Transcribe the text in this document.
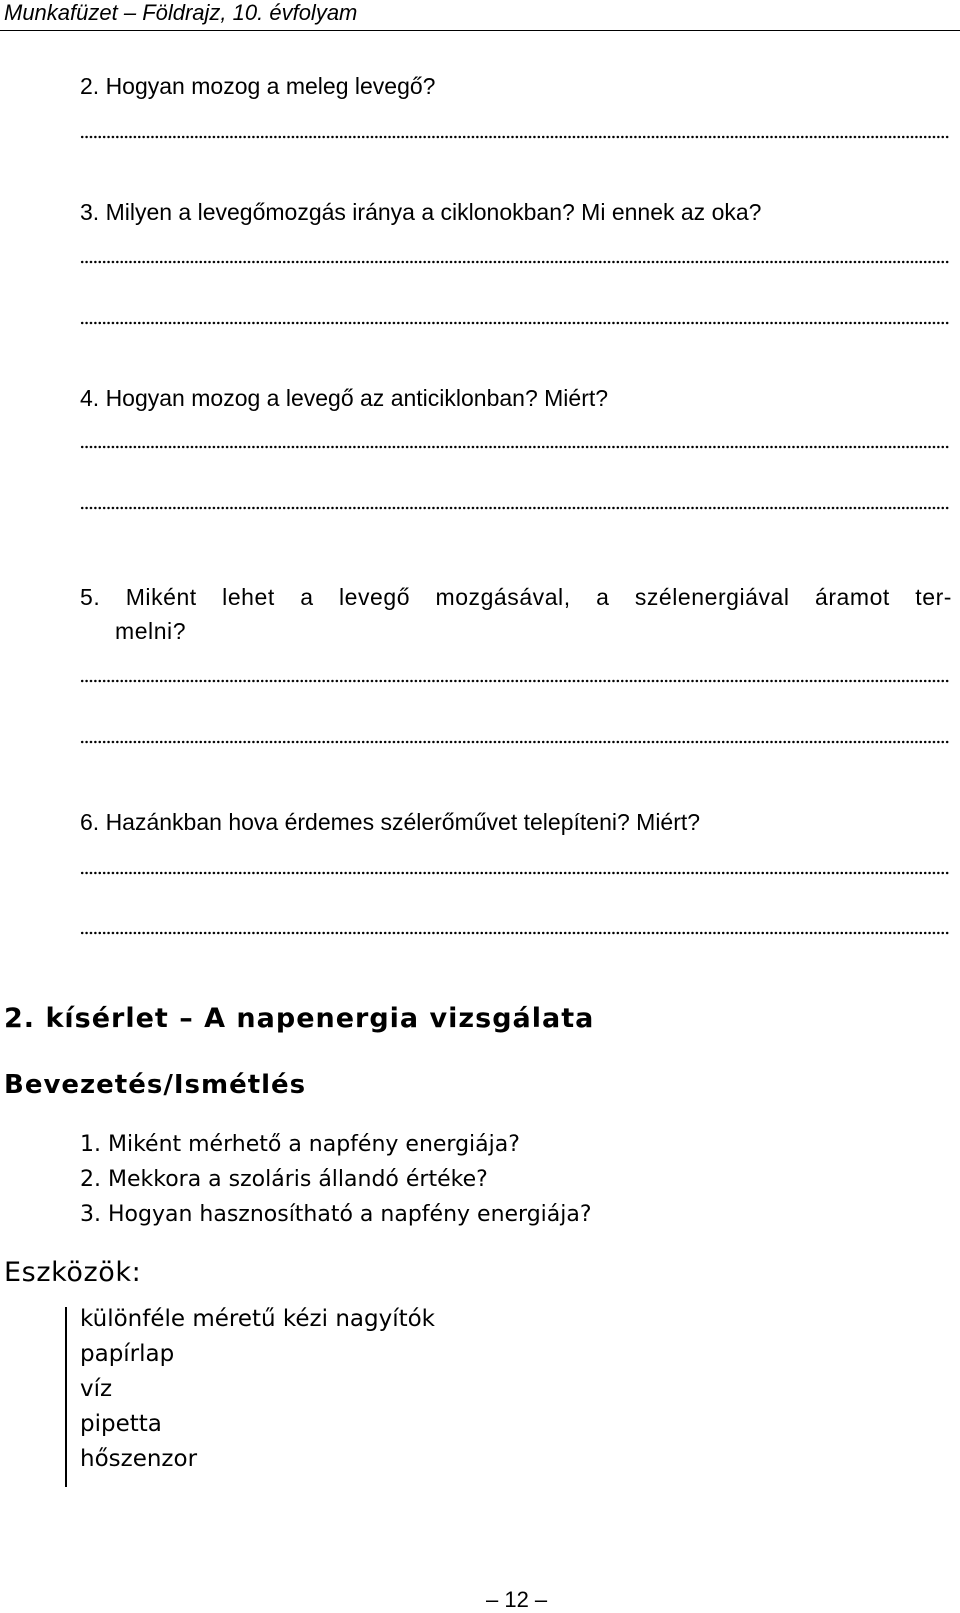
Munkafüzet – Földrajz, 10. évfolyam
2. Hogyan mozog a meleg levegő?
3. Milyen a levegőmozgás iránya a ciklonokban? Mi ennek az oka?
4. Hogyan mozog a levegő az anticiklonban? Miért?
5. Miként lehet a levegő mozgásával, a szélenergiával áramot ter-
melni?
6. Hazánkban hova érdemes szélerőművet telepíteni? Miért?
2. kísérlet – A napenergia vizsgálata
Bevezetés/Ismétlés
1. Miként mérhető a napfény energiája?
2. Mekkora a szoláris állandó értéke?
3. Hogyan hasznosítható a napfény energiája?
Eszközök:
különféle méretű kézi nagyítók
papírlap
víz
pipetta
hőszenzor
– 12 –
